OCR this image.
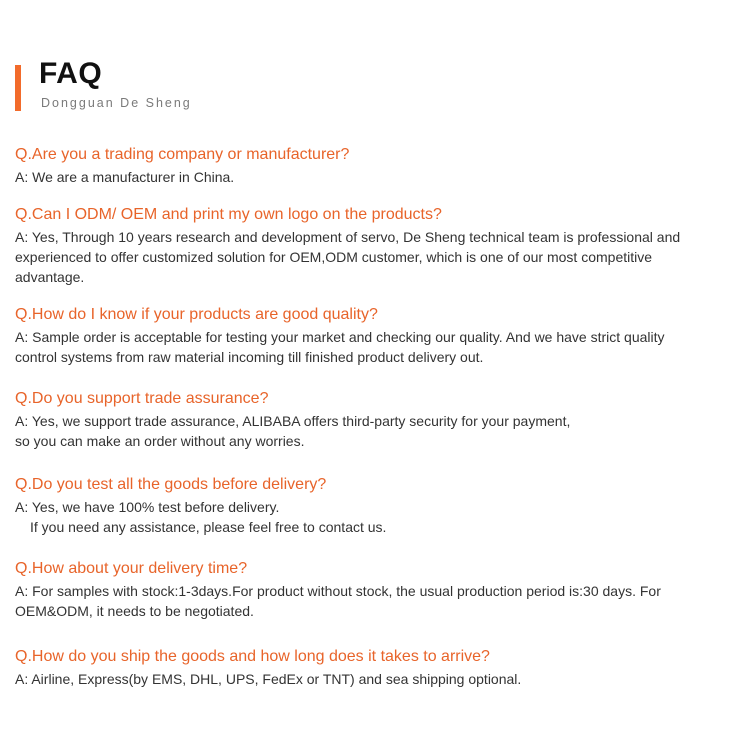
FAQ
Dongguan De Sheng
Q.Are you a trading company or manufacturer?
A: We are a manufacturer in China.
Q.Can I ODM/ OEM and print my own logo on the products?
A: Yes, Through 10 years research and development of servo, De Sheng technical team is professional and
experienced to offer customized solution for OEM,ODM customer, which is one of our most competitive
advantage.
Q.How do I know if your products are good quality?
A: Sample order is acceptable for testing your market and checking our quality. And we have strict quality
control systems from raw material incoming till finished product delivery out.
Q.Do you support trade assurance?
A: Yes, we support trade assurance, ALIBABA offers third-party security for your payment,
so you can make an order without any worries.
Q.Do you test all the goods before delivery?
A: Yes, we have 100% test before delivery.
If you need any assistance, please feel free to contact us.
Q.How about your delivery time?
A: For samples with stock:1-3days.For product without stock, the usual production period is:30 days. For
OEM&ODM, it needs to be negotiated.
Q.How do you ship the goods and how long does it takes to arrive?
A: Airline, Express(by EMS, DHL, UPS, FedEx or TNT) and sea shipping optional.
